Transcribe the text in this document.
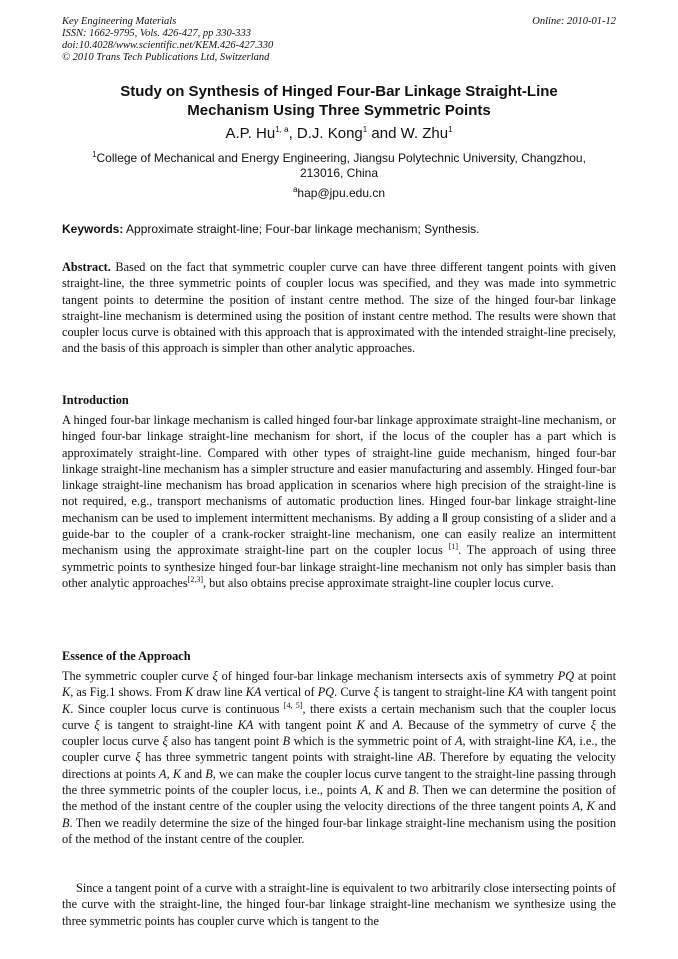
Key Engineering Materials
ISSN: 1662-9795, Vols. 426-427, pp 330-333
doi:10.4028/www.scientific.net/KEM.426-427.330
© 2010 Trans Tech Publications Ltd, Switzerland
Online: 2010-01-12
Study on Synthesis of Hinged Four-Bar Linkage Straight-Line
Mechanism Using Three Symmetric Points
A.P. Hu$^{1, a}$, D.J. Kong$^1$ and W. Zhu$^1$
$^1$College of Mechanical and Energy Engineering, Jiangsu Polytechnic University, Changzhou,
213016, China
$^a$hap@jpu.edu.cn
Keywords: Approximate straight-line; Four-bar linkage mechanism; Synthesis.
Abstract. Based on the fact that symmetric coupler curve can have three different tangent points with given straight-line, the three symmetric points of coupler locus was specified, and they was made into symmetric tangent points to determine the position of instant centre method. The size of the hinged four-bar linkage straight-line mechanism is determined using the position of instant centre method. The results were shown that coupler locus curve is obtained with this approach that is approximated with the intended straight-line precisely, and the basis of this approach is simpler than other analytic approaches.
Introduction
A hinged four-bar linkage mechanism is called hinged four-bar linkage approximate straight-line mechanism, or hinged four-bar linkage straight-line mechanism for short, if the locus of the coupler has a part which is approximately straight-line. Compared with other types of straight-line guide mechanism, hinged four-bar linkage straight-line mechanism has a simpler structure and easier manufacturing and assembly. Hinged four-bar linkage straight-line mechanism has broad application in scenarios where high precision of the straight-line is not required, e.g., transport mechanisms of automatic production lines. Hinged four-bar linkage straight-line mechanism can be used to implement intermittent mechanisms. By adding a Ⅱ group consisting of a slider and a guide-bar to the coupler of a crank-rocker straight-line mechanism, one can easily realize an intermittent mechanism using the approximate straight-line part on the coupler locus [1]. The approach of using three symmetric points to synthesize hinged four-bar linkage straight-line mechanism not only has simpler basis than other analytic approaches[2,3], but also obtains precise approximate straight-line coupler locus curve.
Essence of the Approach
The symmetric coupler curve ξ of hinged four-bar linkage mechanism intersects axis of symmetry PQ at point K, as Fig.1 shows. From K draw line KA vertical of PQ. Curve ξ is tangent to straight-line KA with tangent point K. Since coupler locus curve is continuous [4, 5], there exists a certain mechanism such that the coupler locus curve ξ is tangent to straight-line KA with tangent point K and A. Because of the symmetry of curve ξ the coupler locus curve ξ also has tangent point B which is the symmetric point of A, with straight-line KA, i.e., the coupler curve ξ has three symmetric tangent points with straight-line AB. Therefore by equating the velocity directions at points A, K and B, we can make the coupler locus curve tangent to the straight-line passing through the three symmetric points of the coupler locus, i.e., points A, K and B. Then we can determine the position of the method of the instant centre of the coupler using the velocity directions of the three tangent points A, K and B. Then we readily determine the size of the hinged four-bar linkage straight-line mechanism using the position of the method of the instant centre of the coupler.
Since a tangent point of a curve with a straight-line is equivalent to two arbitrarily close intersecting points of the curve with the straight-line, the hinged four-bar linkage straight-line mechanism we synthesize using the three symmetric points has coupler curve which is tangent to the
